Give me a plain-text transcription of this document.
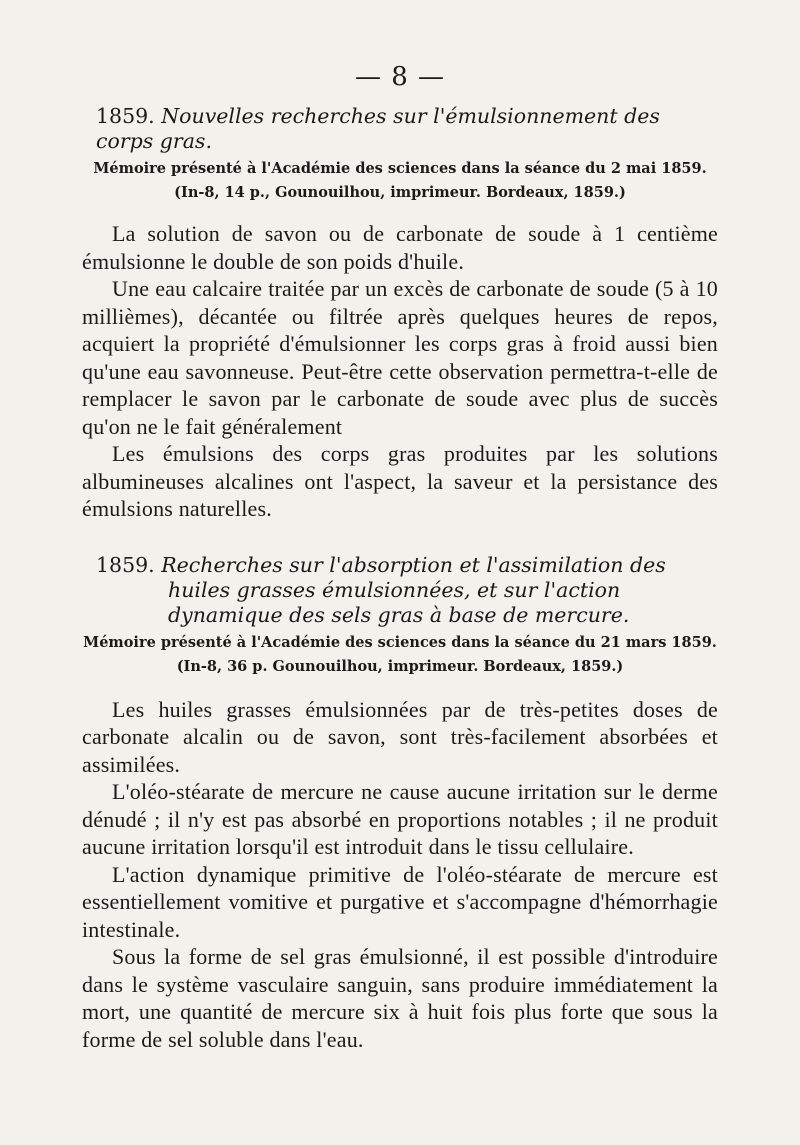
— 8 —

1859. Nouvelles recherches sur l'émulsionnement des corps gras.

Mémoire présenté à l'Académie des sciences dans la séance du 2 mai 1859.

(In-8, 14 p., Gounouilhou, imprimeur. Bordeaux, 1859.)

La solution de savon ou de carbonate de soude à 1 centième émulsionne le double de son poids d'huile.

Une eau calcaire traitée par un excès de carbonate de soude (5 à 10 millièmes), décantée ou filtrée après quelques heures de repos, acquiert la propriété d'émulsionner les corps gras à froid aussi bien qu'une eau savonneuse. Peut-être cette observation permettra-t-elle de remplacer le savon par le carbonate de soude avec plus de succès qu'on ne le fait généralement

Les émulsions des corps gras produites par les solutions albumineuses alcalines ont l'aspect, la saveur et la persistance des émulsions naturelles.

1859. Recherches sur l'absorption et l'assimilation des huiles grasses émulsionnées, et sur l'action dynamique des sels gras à base de mercure.

Mémoire présenté à l'Académie des sciences dans la séance du 21 mars 1859.

(In-8, 36 p. Gounouilhou, imprimeur. Bordeaux, 1859.)

Les huiles grasses émulsionnées par de très-petites doses de carbonate alcalin ou de savon, sont très-facilement absorbées et assimilées.

L'oléo-stéarate de mercure ne cause aucune irritation sur le derme dénudé ; il n'y est pas absorbé en proportions notables ; il ne produit aucune irritation lorsqu'il est introduit dans le tissu cellulaire.

L'action dynamique primitive de l'oléo-stéarate de mercure est essentiellement vomitive et purgative et s'accompagne d'hémorrhagie intestinale.

Sous la forme de sel gras émulsionné, il est possible d'introduire dans le système vasculaire sanguin, sans produire immédiatement la mort, une quantité de mercure six à huit fois plus forte que sous la forme de sel soluble dans l'eau.
